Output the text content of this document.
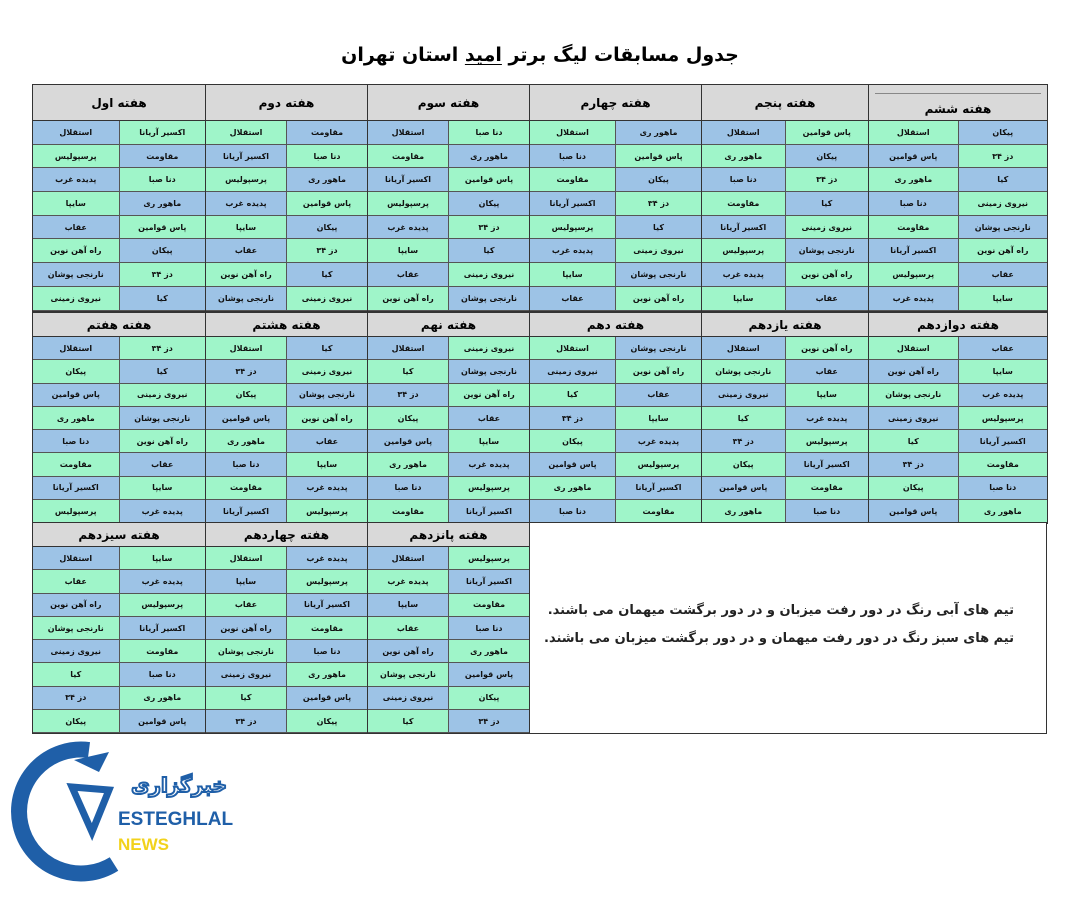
جدول مسابقات لیگ برتر امید استان تهران
هفته اول
استقلال	اکسیر آریانا
پرسپولیس	مقاومت
پدیده غرب	دنا صبا
سایپا	ماهور ری
عقاب	پاس قوامین
راه آهن نوین	پیکان
نارنجی پوشان	دز ۳۴
نیروی زمینی	کیا
هفته دوم
استقلال	مقاومت
اکسیر آریانا	دنا صبا
پرسپولیس	ماهور ری
پدیده غرب	پاس قوامین
سایپا	پیکان
عقاب	دز ۳۴
راه آهن نوین	کیا
نارنجی پوشان	نیروی زمینی
هفته سوم
استقلال	دنا صبا
مقاومت	ماهور ری
اکسیر آریانا	پاس قوامین
پرسپولیس	پیکان
پدیده غرب	دز ۳۴
سایپا	کیا
عقاب	نیروی زمینی
راه آهن نوین	نارنجی پوشان
هفته چهارم
استقلال	ماهور ری
دنا صبا	پاس قوامین
مقاومت	پیکان
اکسیر آریانا	دز ۳۴
پرسپولیس	کیا
پدیده غرب	نیروی زمینی
سایپا	نارنجی پوشان
عقاب	راه آهن نوین
هفته پنجم
استقلال	پاس قوامین
ماهور ری	پیکان
دنا صبا	دز ۳۴
مقاومت	کیا
اکسیر آریانا	نیروی زمینی
پرسپولیس	نارنجی پوشان
پدیده غرب	راه آهن نوین
سایپا	عقاب
هفته ششم
استقلال	پیکان
پاس قوامین	دز ۳۴
ماهور ری	کیا
دنا صبا	نیروی زمینی
مقاومت	نارنجی پوشان
اکسیر آریانا	راه آهن نوین
پرسپولیس	عقاب
پدیده غرب	سایپا
هفته هفتم
استقلال	دز ۳۴
پیکان	کیا
پاس قوامین	نیروی زمینی
ماهور ری	نارنجی پوشان
دنا صبا	راه آهن نوین
مقاومت	عقاب
اکسیر آریانا	سایپا
پرسپولیس	پدیده غرب
هفته هشتم
استقلال	کیا
دز ۳۴	نیروی زمینی
پیکان	نارنجی پوشان
پاس قوامین	راه آهن نوین
ماهور ری	عقاب
دنا صبا	سایپا
مقاومت	پدیده غرب
اکسیر آریانا	پرسپولیس
هفته نهم
استقلال	نیروی زمینی
کیا	نارنجی پوشان
دز ۳۴	راه آهن نوین
پیکان	عقاب
پاس قوامین	سایپا
ماهور ری	پدیده غرب
دنا صبا	پرسپولیس
مقاومت	اکسیر آریانا
هفته دهم
استقلال	نارنجی پوشان
نیروی زمینی	راه آهن نوین
کیا	عقاب
دز ۳۴	سایپا
پیکان	پدیده غرب
پاس قوامین	پرسپولیس
ماهور ری	اکسیر آریانا
دنا صبا	مقاومت
هفته یازدهم
استقلال	راه آهن نوین
نارنجی پوشان	عقاب
نیروی زمینی	سایپا
کیا	پدیده غرب
دز ۳۴	پرسپولیس
پیکان	اکسیر آریانا
پاس قوامین	مقاومت
ماهور ری	دنا صبا
هفته دوازدهم
استقلال	عقاب
راه آهن نوین	سایپا
نارنجی پوشان	پدیده غرب
نیروی زمینی	پرسپولیس
کیا	اکسیر آریانا
دز ۳۴	مقاومت
پیکان	دنا صبا
پاس قوامین	ماهور ری
هفته سیزدهم
استقلال	سایپا
عقاب	پدیده غرب
راه آهن نوین	پرسپولیس
نارنجی پوشان	اکسیر آریانا
نیروی زمینی	مقاومت
کیا	دنا صبا
دز ۳۴	ماهور ری
پیکان	پاس قوامین
هفته چهاردهم
استقلال	پدیده غرب
سایپا	پرسپولیس
عقاب	اکسیر آریانا
راه آهن نوین	مقاومت
نارنجی پوشان	دنا صبا
نیروی زمینی	ماهور ری
کیا	پاس قوامین
دز ۳۴	پیکان
هفته پانزدهم
استقلال	پرسپولیس
پدیده غرب	اکسیر آریانا
سایپا	مقاومت
عقاب	دنا صبا
راه آهن نوین	ماهور ری
نارنجی پوشان	پاس قوامین
نیروی زمینی	پیکان
کیا	دز ۳۴

تیم های آبی رنگ در دور رفت میزبان و در دور برگشت میهمان می باشند.

تیم های سبز رنگ در دور رفت میهمان و در دور برگشت میزبان می باشند.

خبرگزاری
ESTEGHLAL
NEWS
